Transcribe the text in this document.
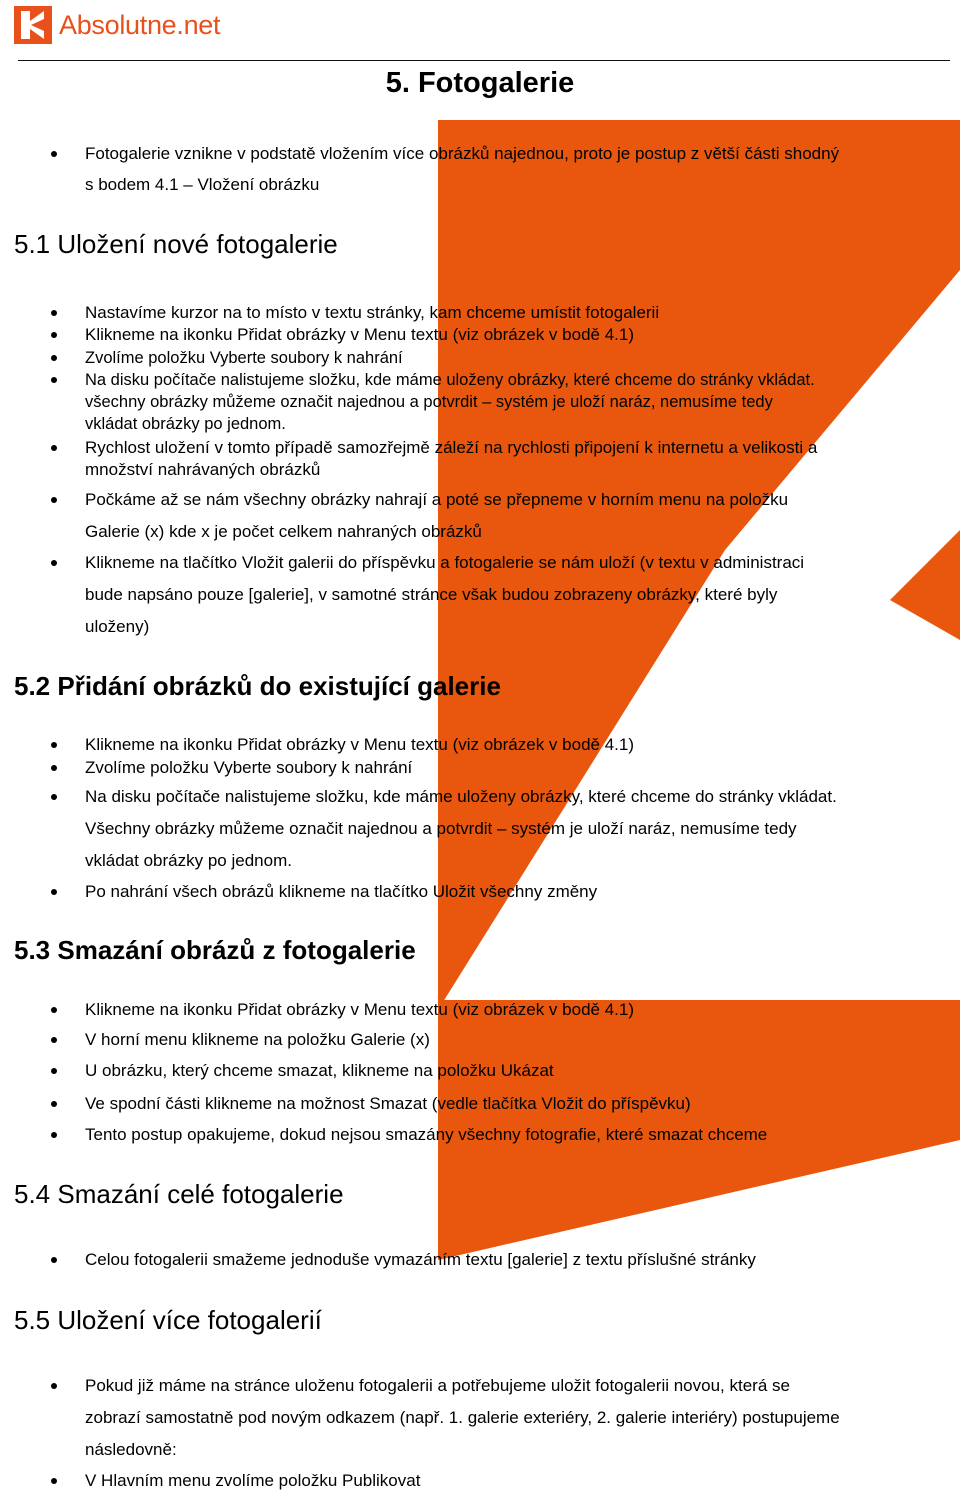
Absolutne.net
5. Fotogalerie
Fotogalerie vznikne v podstatě vložením více obrázků najednou, proto je postup z větší části shodný
s bodem 4.1 – Vložení obrázku
5.1 Uložení nové fotogalerie
Nastavíme kurzor na to místo v textu stránky, kam chceme umístit fotogalerii
Klikneme na ikonku Přidat obrázky v Menu textu (viz obrázek v bodě 4.1)
Zvolíme položku Vyberte soubory k nahrání
Na disku počítače nalistujeme složku, kde máme uloženy obrázky, které chceme do stránky vkládat.
všechny obrázky můžeme označit najednou a potvrdit – systém je uloží naráz, nemusíme tedy
vkládat obrázky po jednom.
Rychlost uložení v tomto případě samozřejmě záleží na rychlosti připojení k internetu a velikosti a
množství nahrávaných obrázků
Počkáme až se nám všechny obrázky nahrají a poté se přepneme v horním menu na položku
Galerie (x) kde x je počet celkem nahraných obrázků
Klikneme na tlačítko Vložit galerii do příspěvku a fotogalerie se nám uloží (v textu v administraci
bude napsáno pouze [galerie], v samotné stránce však budou zobrazeny obrázky, které byly
uloženy)
5.2 Přidání obrázků do existující galerie
Klikneme na ikonku Přidat obrázky v Menu textu (viz obrázek v bodě 4.1)
Zvolíme položku Vyberte soubory k nahrání
Na disku počítače nalistujeme složku, kde máme uloženy obrázky, které chceme do stránky vkládat.
Všechny obrázky můžeme označit najednou a potvrdit – systém je uloží naráz, nemusíme tedy
vkládat obrázky po jednom.
Po nahrání všech obrázů klikneme na tlačítko Uložit všechny změny
5.3 Smazání obrázů z fotogalerie
Klikneme na ikonku Přidat obrázky v Menu textu (viz obrázek v bodě 4.1)
V horní menu klikneme na položku Galerie (x)
U obrázku, který chceme smazat, klikneme na položku Ukázat
Ve spodní části klikneme na možnost Smazat (vedle tlačítka Vložit do příspěvku)
Tento postup opakujeme, dokud nejsou smazány všechny fotografie, které smazat chceme
5.4 Smazání celé fotogalerie
Celou fotogalerii smažeme jednoduše vymazáním textu [galerie] z textu příslušné stránky
5.5 Uložení více fotogalerií
Pokud již máme na stránce uloženu fotogalerii a potřebujeme uložit fotogalerii novou, která se
zobrazí samostatně pod novým odkazem (např. 1. galerie exteriéry, 2. galerie interiéry) postupujeme
následovně:
V Hlavním menu zvolíme položku Publikovat
